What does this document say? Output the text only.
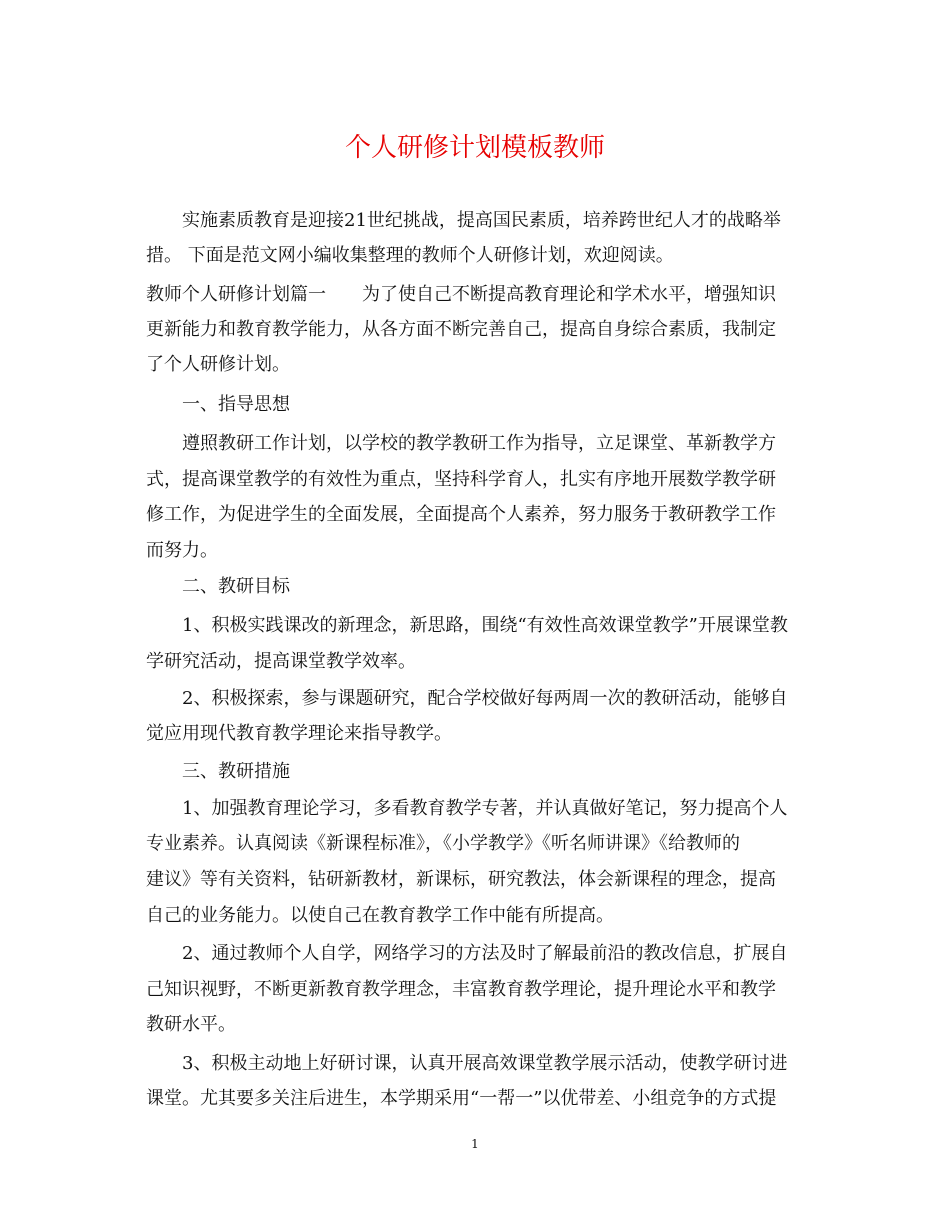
个人研修计划模板教师
实施素质教育是迎接21世纪挑战，提高国民素质，培养跨世纪人才的战略举
措。 下面是范文网小编收集整理的教师个人研修计划，欢迎阅读。
教师个人研修计划篇一　　为了使自己不断提高教育理论和学术水平，增强知识
更新能力和教育教学能力，从各方面不断完善自己，提高自身综合素质，我制定
了个人研修计划。
一、指导思想
遵照教研工作计划，以学校的教学教研工作为指导，立足课堂、革新教学方
式，提高课堂教学的有效性为重点，坚持科学育人，扎实有序地开展数学教学研
修工作，为促进学生的全面发展，全面提高个人素养，努力服务于教研教学工作
而努力。
二、教研目标
1、积极实践课改的新理念，新思路，围绕“有效性高效课堂教学”开展课堂教
学研究活动，提高课堂教学效率。
2、积极探索，参与课题研究，配合学校做好每两周一次的教研活动，能够自
觉应用现代教育教学理论来指导教学。
三、教研措施
1、加强教育理论学习，多看教育教学专著，并认真做好笔记，努力提高个人
专业素养。认真阅读《新课程标准》，《小学教学》《听名师讲课》《给教师的
建议》等有关资料，钻研新教材，新课标，研究教法，体会新课程的理念，提高
自己的业务能力。以使自己在教育教学工作中能有所提高。
2、通过教师个人自学，网络学习的方法及时了解最前沿的教改信息，扩展自
己知识视野，不断更新教育教学理念，丰富教育教学理论，提升理论水平和教学
教研水平。
3、积极主动地上好研讨课，认真开展高效课堂教学展示活动，使教学研讨进
课堂。尤其要多关注后进生，本学期采用“一帮一”以优带差、小组竞争的方式提
1
